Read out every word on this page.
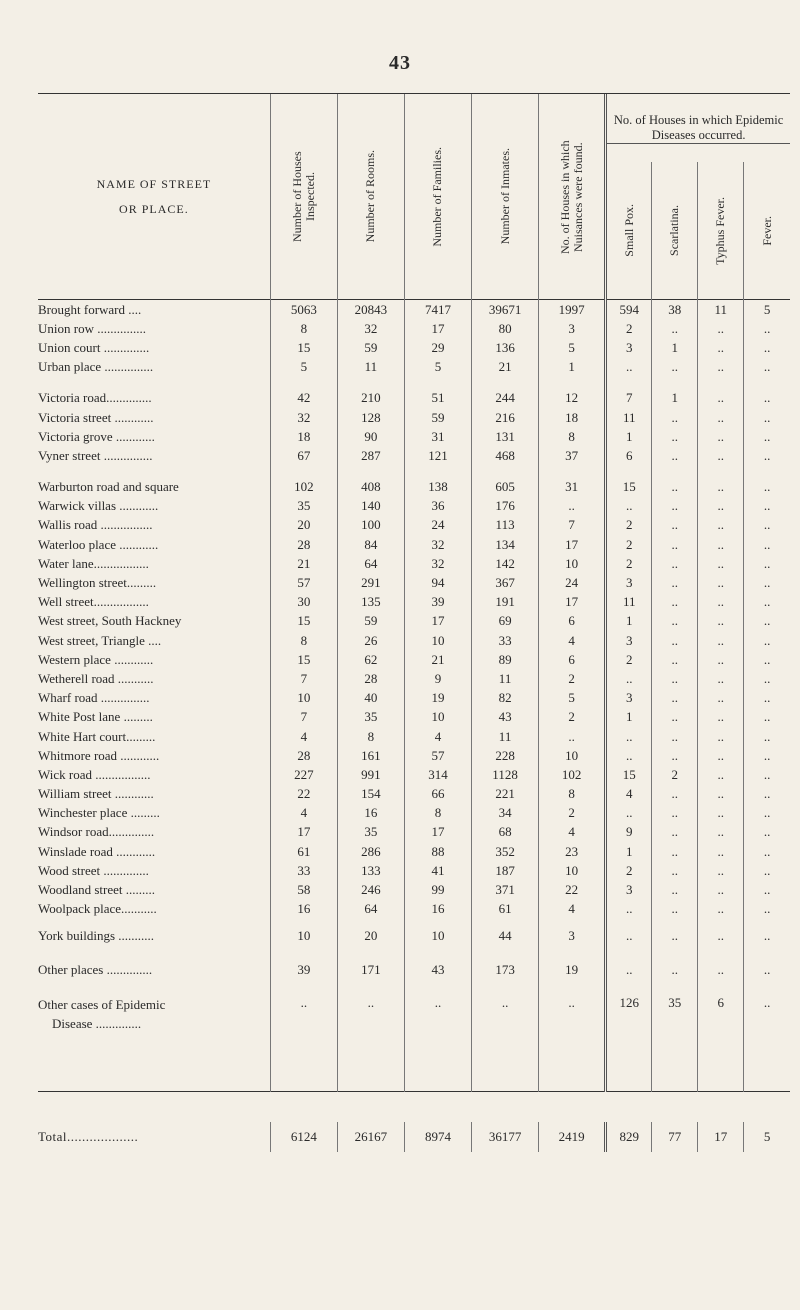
43

NAME OF STREET
OR PLACE.	Number of Houses Inspected.	Number of Rooms.	Number of Families.	Number of Inmates.	No. of Houses in which Nuisances were found.	No. of Houses in which Epidemic Diseases occurred.			

						Small Pox.	Scarlatina.	Typhus Fever.	Fever.

Brought forward ....	5063	20843	7417	39671	1997	594	38	11	5
Union row ...............	8	32	17	80	3	2	..	..	..
Union court ..............	15	59	29	136	5	3	1	..	..
Urban place ...............	5	11	5	21	1	..	..	..	..

Victoria road..............	42	210	51	244	12	7	1	..	..
Victoria street ............	32	128	59	216	18	11	..	..	..
Victoria grove ............	18	90	31	131	8	1	..	..	..
Vyner street ...............	67	287	121	468	37	6	..	..	..

Warburton road and square	102	408	138	605	31	15	..	..	..
Warwick villas ............	35	140	36	176	..	..	..	..	..
Wallis road ................	20	100	24	113	7	2	..	..	..
Waterloo place ............	28	84	32	134	17	2	..	..	..
Water lane.................	21	64	32	142	10	2	..	..	..
Wellington street.........	57	291	94	367	24	3	..	..	..
Well street.................	30	135	39	191	17	11	..	..	..
West street, South Hackney	15	59	17	69	6	1	..	..	..
West street, Triangle ....	8	26	10	33	4	3	..	..	..
Western place ............	15	62	21	89	6	2	..	..	..
Wetherell road ...........	7	28	9	11	2	..	..	..	..
Wharf road ...............	10	40	19	82	5	3	..	..	..
White Post lane .........	7	35	10	43	2	1	..	..	..
White Hart court.........	4	8	4	11	..	..	..	..	..
Whitmore road ............	28	161	57	228	10	..	..	..	..
Wick road .................	227	991	314	1128	102	15	2	..	..
William street ............	22	154	66	221	8	4	..	..	..
Winchester place .........	4	16	8	34	2	..	..	..	..
Windsor road..............	17	35	17	68	4	9	..	..	..
Winslade road ............	61	286	88	352	23	1	..	..	..
Wood street ..............	33	133	41	187	10	2	..	..	..
Woodland street .........	58	246	99	371	22	3	..	..	..
Woolpack place...........	16	64	16	61	4	..	..	..	..
York buildings ...........	10	20	10	44	3	..	..	..	..
Other places ..............	39	171	43	173	19	..	..	..	..

Other cases of Epidemic
Disease ..............	..	..	..	..	..	126	35	6	..

Total...................	6124	26167	8974	36177	2419	829	77	17	5
